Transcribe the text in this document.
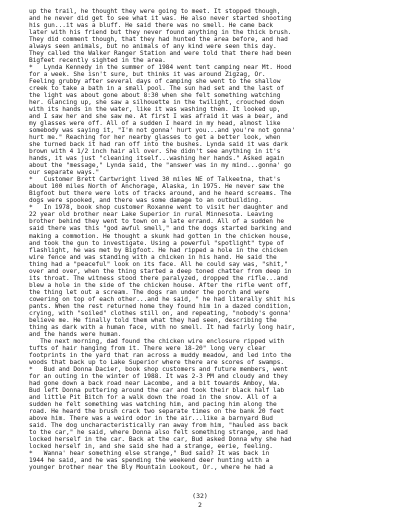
up the trail, he thought they were going to meet. It stopped though,
and he never did get to see what it was. He also never started shooting
his gun...it was a bluff. He said there was no smell. He came back
later with his friend but they never found anything in the thick brush.
They did comment though, that they had hunted the area before, and had
always seen animals, but no animals of any kind were seen this day.
They called the Walker Ranger Station and were told that there had been
Bigfeet recently sighted in the area.
*   Lynda Kennedy in the summer of 1984 went tent camping near Mt. Hood
for a week. She isn't sure, but thinks it was around Zigzag, Or.
Feeling grubby after several days of camping she went to the shallow
creek to take a bath in a small pool. The sun had set and the last of
the light was about gone about 8:30 when she felt something watching
her. Glancing up, she saw a silhouette in the twilight, crouched down
with its hands in the water, like it was washing them. It looked up,
and I saw her and she saw me. At first I was afraid it was a bear, and
my glasses were off. All of a sudden I heard in my head, almost like
somebody was saying it, "I'm not gonna' hurt you...and you're not gonna'
hurt me." Reaching for her nearby glasses to get a better look, when
she turned back it had ran off into the bushes. Lynda said it was dark
brown with 4 1/2 inch hair all over. She didn't see anything in it's
hands, it was just "cleaning itself...washing her hands." Asked again
about the "message," Lynda said, the "answer was in my mind...gonna' go
our separate ways."
*   Customer Brett Cartwright lived 30 miles NE of Talkeetna, that's
about 100 miles North of Anchorage, Alaska, in 1975. He never saw the
Bigfoot but there were lots of tracks around, and he heard screams. The
dogs were spooked, and there was some damage to an outbuilding.
*   In 1978, book shop customer Roxanne went to visit her daughter and
22 year old brother near Lake Superior in rural Minnesota. Leaving
brother behind they went to town on a late errand. All of a sudden he
said there was this "god awful smell," and the dogs started barking and
making a commotion. He thought a skunk had gotten in the chicken house,
and took the gun to investigate. Using a powerful "spotlight" type of
flashlight, he was met by Bigfoot. He had ripped a hole in the chicken
wire fence and was standing with a chicken in his hand. He said the
thing had a "peaceful" look on its face. All he could say was, "shit,"
over and over, when the thing started a deep toned chatter from deep in
its throat. The witness stood there paralyzed, dropped the rifle...and
blew a hole in the side of the chicken house. After the rifle went off,
the thing let out a scream. The dogs ran under the porch and were
cowering on top of each other...and he said, " he had literally shit his
pants. When the rest returned home they found him in a dazed condition,
crying, with "soiled" clothes still on, and repeating, "nobody's gonna'
believe me. He finally told them what they had seen, describing the
thing as dark with a human face, with no smell. It had fairly long hair,
and the hands were human.
The next morning, dad found the chicken wire enclosure ripped with
tufts of hair hanging from it. There were 18-20" long very clear
footprints in the yard that ran across a muddy meadow, and led into the
woods that back up to Lake Superior where there are scores of swamps.
*   Bud and Donna Dacier, book shop customers and future members, went
for an outing in the winter of 1988. It was 2-3 PM and cloudy and they
had gone down a back road near Lacombe, and a bit towards Amboy, Wa.
Bud left Donna puttering around the car and took their black half lab
and little Pit Bitch for a walk down the road in the snow. All of a
sudden he felt something was watching him, and pacing him along the
road. He heard the brush crack two separate times on the bank 20 feet
above him. There was a weird odor in the air...like a barnyard Bud
said. The dog uncharacteristically ran away from him, "hauled ass back
to the car," he said, where Donna also felt something strange, and had
locked herself in the car. Back at the car, Bud asked Donna why she had
locked herself in, and she said she had a strange, eerie, feeling.
*   Wanna' hear something else strange," Bud said? It was back in
1944 he said, and he was spending the weekend deer hunting with a
younger brother near the Bly Mountain Lookout, Or., where he had a
(32)
2
